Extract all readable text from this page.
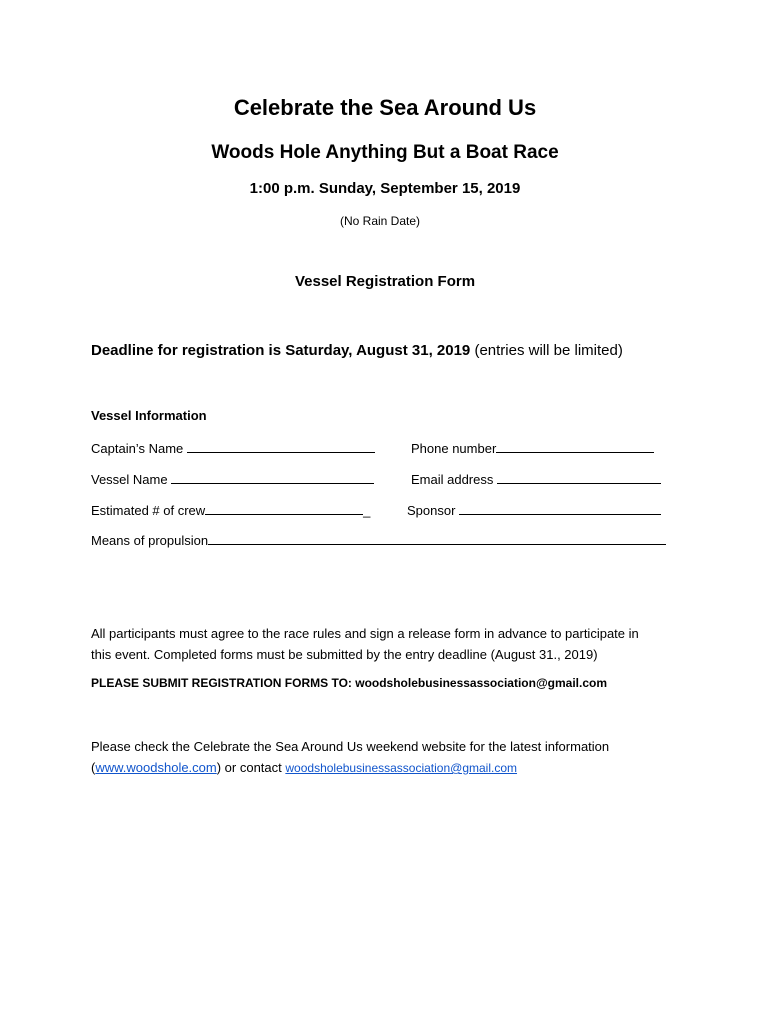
Celebrate the Sea Around Us
Woods Hole Anything But a Boat Race
1:00 p.m. Sunday, September 15, 2019
(No Rain Date)
Vessel Registration Form
Deadline for registration is Saturday, August 31, 2019 (entries will be limited)
Vessel Information
Captain’s Name	Phone number
Vessel Name	Email address
Estimated # of crew	_	Sponsor
Means of propulsion
All participants must agree to the race rules and sign a release form in advance to participate in
this event. Completed forms must be submitted by the entry deadline (August 31., 2019)
PLEASE SUBMIT REGISTRATION FORMS TO: woodsholebusinessassociation@gmail.com
Please check the Celebrate the Sea Around Us weekend website for the latest information
(www.woodshole.com) or contact woodsholebusinessassociation@gmail.com
